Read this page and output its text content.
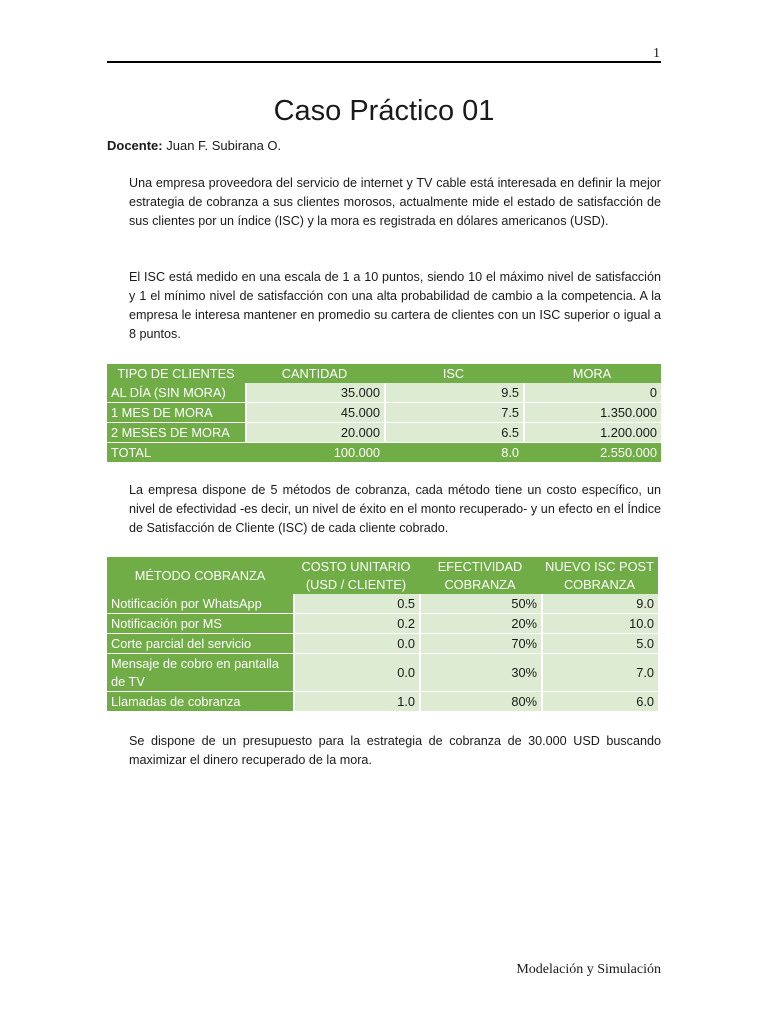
1
Caso Práctico 01
Docente: Juan F. Subirana O.

Una empresa proveedora del servicio de internet y TV cable está interesada en definir la mejor estrategia de cobranza a sus clientes morosos, actualmente mide el estado de satisfacción de sus clientes por un índice (ISC) y la mora es registrada en dólares americanos (USD).

El ISC está medido en una escala de 1 a 10 puntos, siendo 10 el máximo nivel de satisfacción y 1 el mínimo nivel de satisfacción con una alta probabilidad de cambio a la competencia. A la empresa le interesa mantener en promedio su cartera de clientes con un ISC superior o igual a 8 puntos.

TIPO DE CLIENTES	CANTIDAD	ISC	MORA
AL DÍA (SIN MORA)	35.000	9.5	0
1 MES DE MORA	45.000	7.5	1.350.000
2 MESES DE MORA	20.000	6.5	1.200.000
TOTAL	100.000	8.0	2.550.000

La empresa dispone de 5 métodos de cobranza, cada método tiene un costo específico, un nivel de efectividad -es decir, un nivel de éxito en el monto recuperado- y un efecto en el Índice de Satisfacción de Cliente (ISC) de cada cliente cobrado.

MÉTODO COBRANZA	COSTO UNITARIO (USD / CLIENTE)	EFECTIVIDAD COBRANZA	NUEVO ISC POST COBRANZA
Notificación por WhatsApp	0.5	50%	9.0
Notificación por MS	0.2	20%	10.0
Corte parcial del servicio	0.0	70%	5.0
Mensaje de cobro en pantalla de TV	0.0	30%	7.0
Llamadas de cobranza	1.0	80%	6.0

Se dispone de un presupuesto para la estrategia de cobranza de 30.000 USD buscando maximizar el dinero recuperado de la mora.

Modelación y Simulación
